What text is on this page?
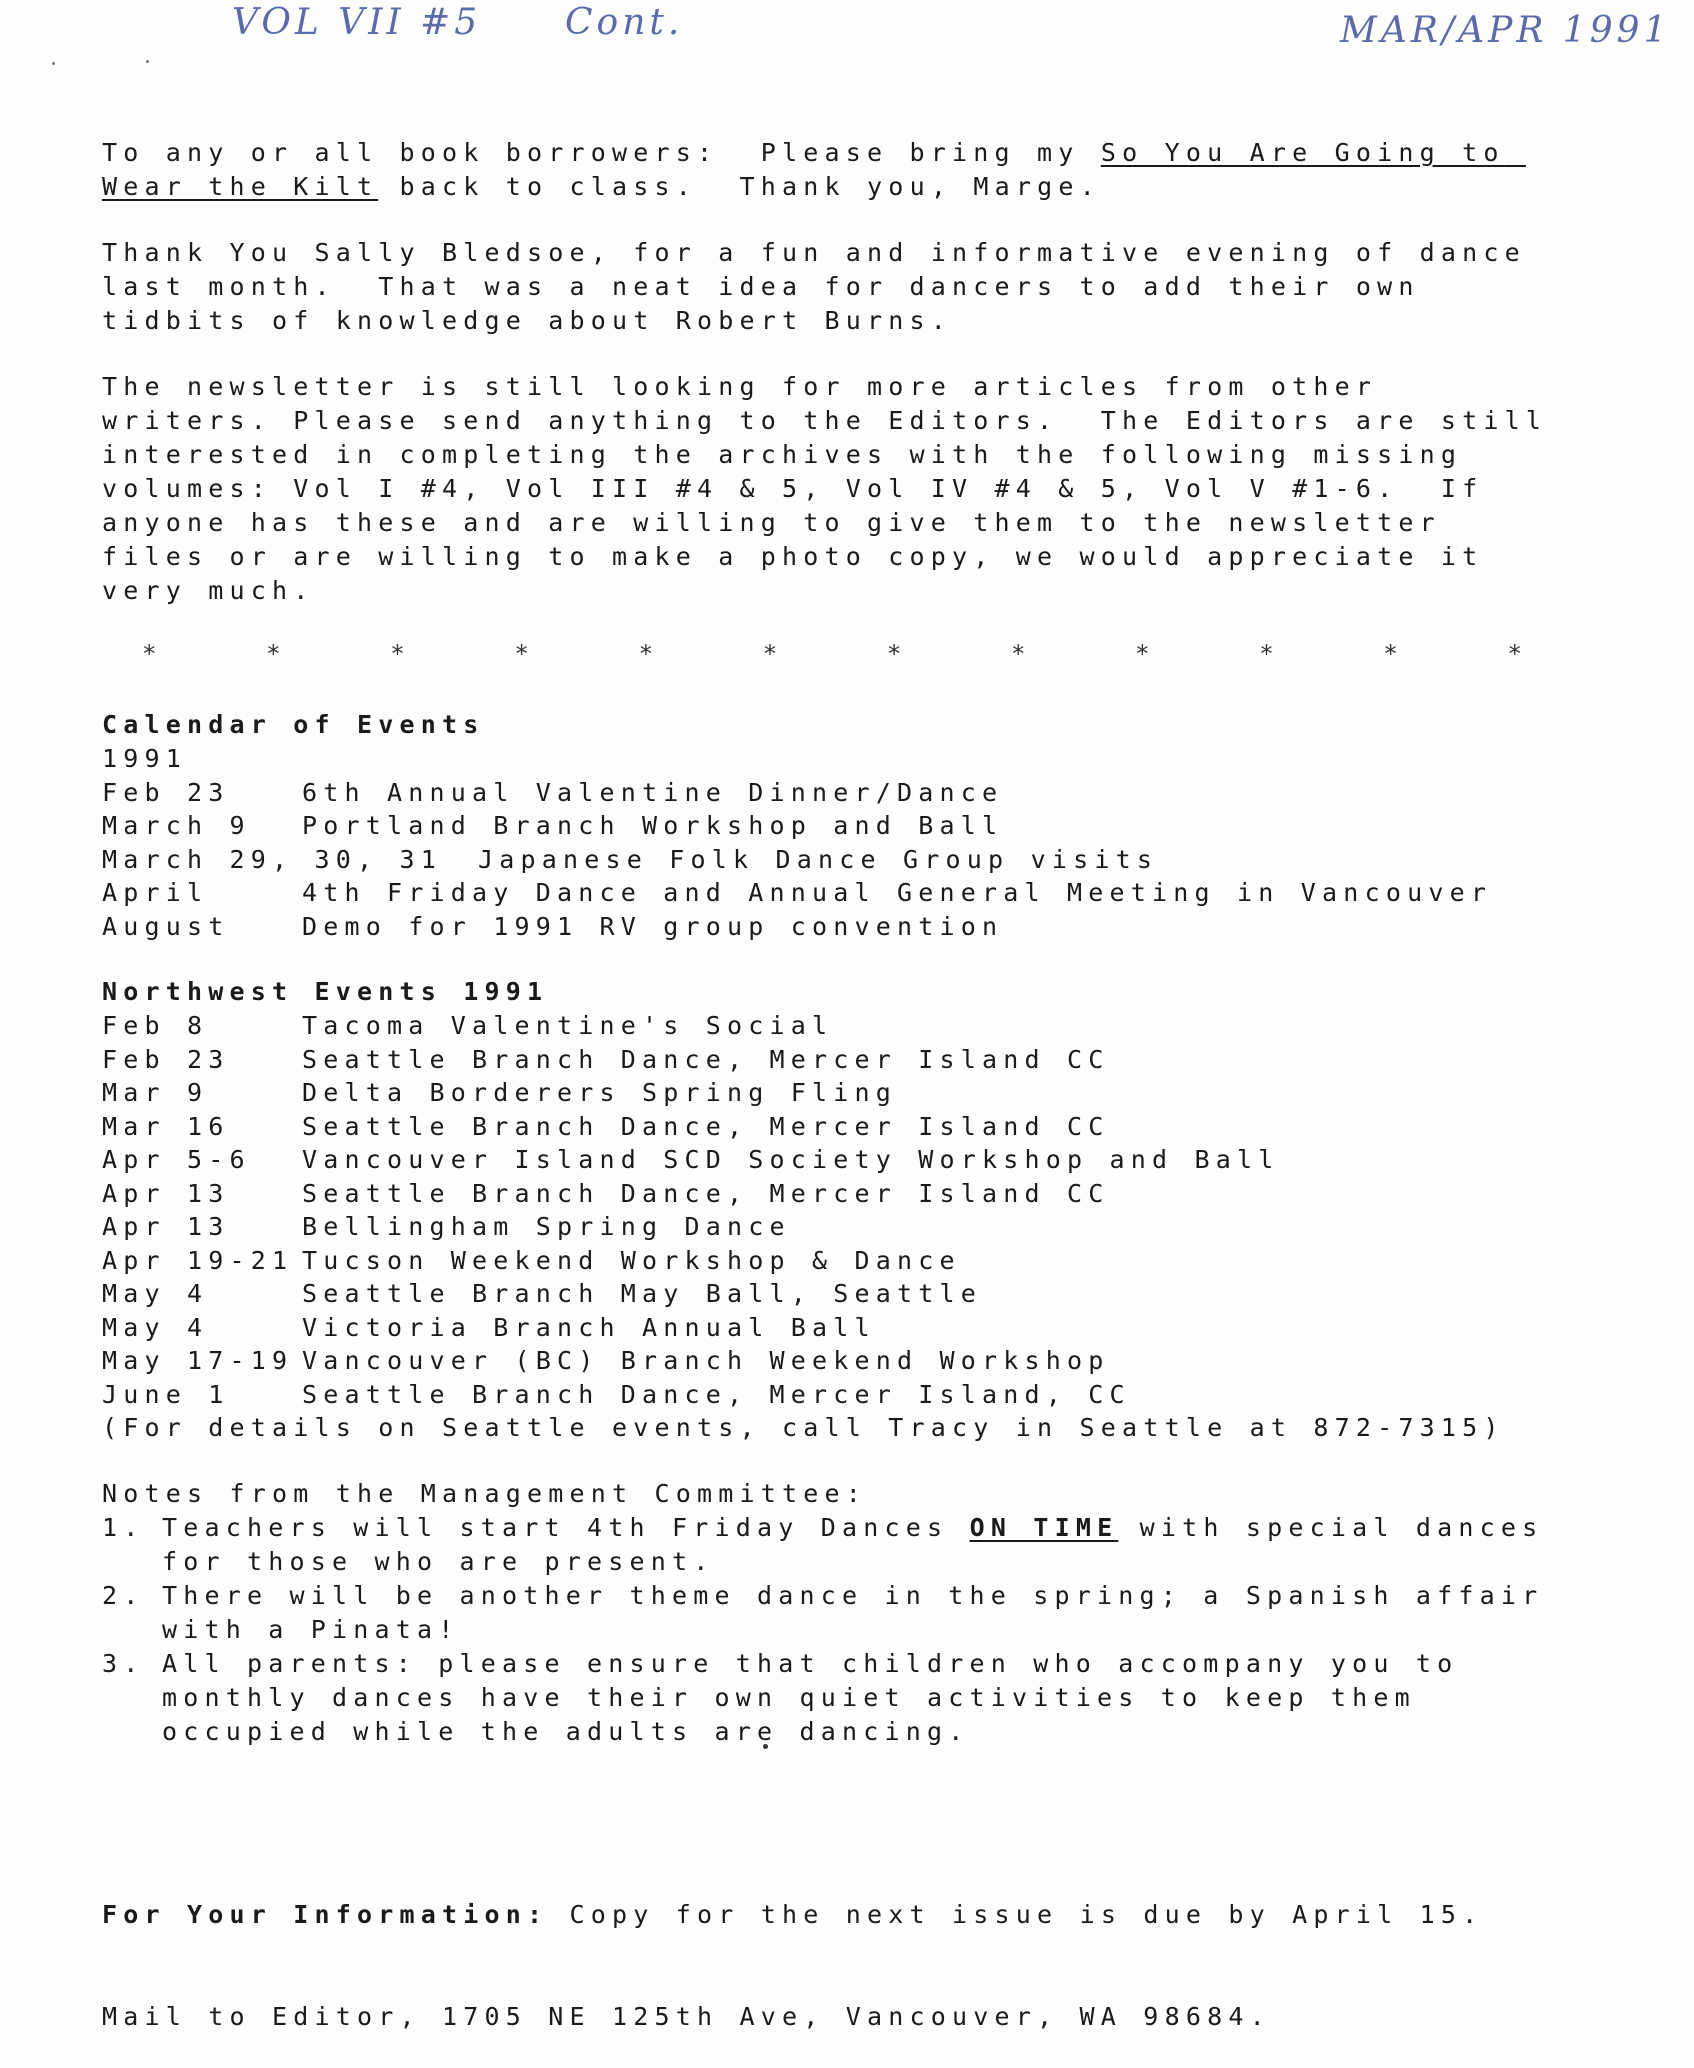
VOL VII #5 Cont.	MAR/APR 1991

To any or all book borrowers:  Please bring my So You Are Going to Wear the Kilt back to class.  Thank you, Marge.

Thank You Sally Bledsoe, for a fun and informative evening of dance last month.  That was a neat idea for dancers to add their own tidbits of knowledge about Robert Burns.

The newsletter is still looking for more articles from other writers. Please send anything to the Editors.  The Editors are still interested in completing the archives with the following missing volumes: Vol I #4, Vol III #4 & 5, Vol IV #4 & 5, Vol V #1-6.  If anyone has these and are willing to give them to the newsletter files or are willing to make a photo copy, we would appreciate it very much.

*	*	*	*	*	*	*	*	*	*	*	*
Calendar of Events
1991
Feb 23	6th Annual Valentine Dinner/Dance
March 9	Portland Branch Workshop and Ball
March 29, 30, 31 Japanese Folk Dance Group visits
April	4th Friday Dance and Annual General Meeting in Vancouver
August	Demo for 1991 RV group convention
Northwest Events 1991
Feb 8	Tacoma Valentine's Social
Feb 23	Seattle Branch Dance, Mercer Island CC
Mar 9	Delta Borderers Spring Fling
Mar 16	Seattle Branch Dance, Mercer Island CC
Apr 5-6	Vancouver Island SCD Society Workshop and Ball
Apr 13	Seattle Branch Dance, Mercer Island CC
Apr 13	Bellingham Spring Dance
Apr 19-21 Tucson Weekend Workshop & Dance
May 4	Seattle Branch May Ball, Seattle
May 4	Victoria Branch Annual Ball
May 17-19 Vancouver (BC) Branch Weekend Workshop
June 1	Seattle Branch Dance, Mercer Island, CC
(For details on Seattle events, call Tracy in Seattle at 872-7315)
Notes from the Management Committee:
1. Teachers will start 4th Friday Dances ON TIME with special dances for those who are present.
2. There will be another theme dance in the spring; a Spanish affair with a Pinata!
3. All parents: please ensure that children who accompany you to monthly dances have their own quiet activities to keep them occupied while the adults are dancing.

For Your Information: Copy for the next issue is due by April 15.

Mail to Editor, 1705 NE 125th Ave, Vancouver, WA 98684.
